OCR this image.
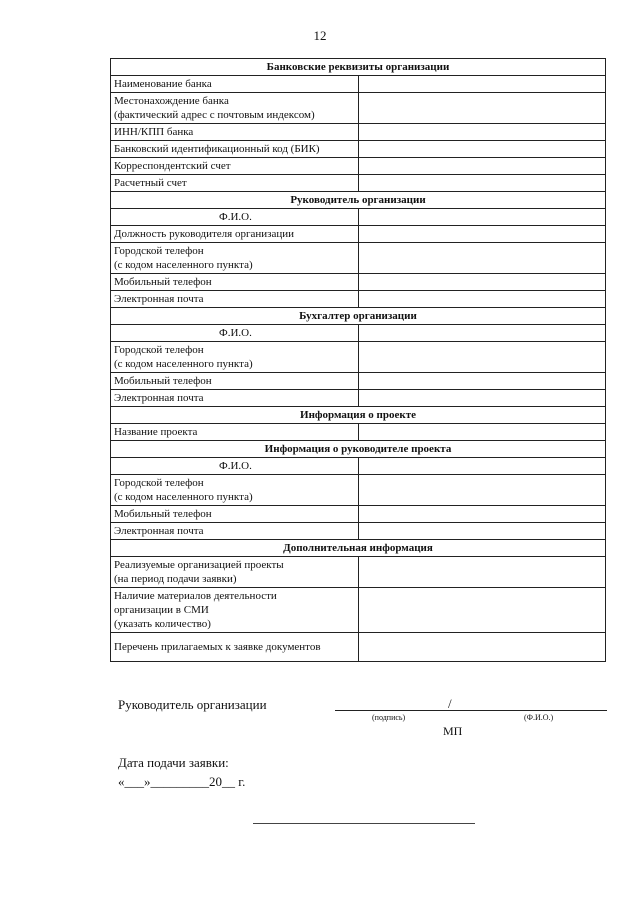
12
Банковские реквизиты организации	

Наименование банка	

Местонахождение банка
(фактический адрес с почтовым индексом)	

ИНН/КПП банка	

Банковский идентификационный код (БИК)	

Корреспондентский счет	

Расчетный счет	

Руководитель организации	

Ф.И.О.	

Должность руководителя организации	

Городской телефон
(с кодом населенного пункта)	

Мобильный телефон	

Электронная почта	

Бухгалтер организации	

Ф.И.О.	

Городской телефон
(с кодом населенного пункта)	

Мобильный телефон	

Электронная почта	

Информация о проекте	

Название проекта	

Информация о руководителе проекта	

Ф.И.О.	

Городской телефон
(с кодом населенного пункта)	

Мобильный телефон	

Электронная почта	

Дополнительная информация	

Реализуемые организацией проекты
(на период подачи заявки)	

Наличие материалов деятельности
организации в СМИ
(указать количество)	

Перечень прилагаемых к заявке документов	

Руководитель организации	/
(подпись)	(Ф.И.О.)
МП
Дата подачи заявки:
«___»_________20__ г.
